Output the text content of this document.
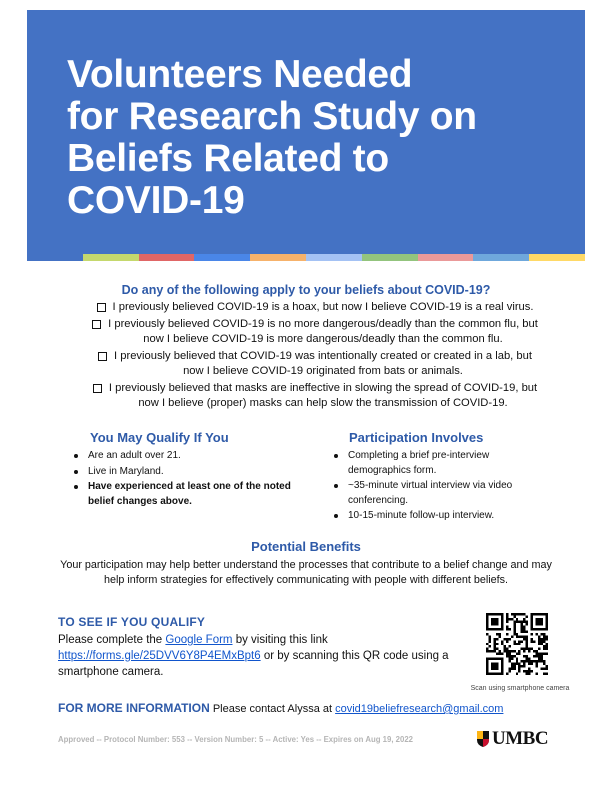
Volunteers Needed
for Research Study on
Beliefs Related to
COVID-19
Do any of the following apply to your beliefs about COVID-19?
I previously believed COVID-19 is a hoax, but now I believe COVID-19 is a real virus.
I previously believed COVID-19 is no more dangerous/deadly than the common flu, but
now I believe COVID-19 is more dangerous/deadly than the common flu.
I previously believed that COVID-19 was intentionally created or created in a lab, but
now I believe COVID-19 originated from bats or animals.
I previously believed that masks are ineffective in slowing the spread of COVID-19, but
now I believe (proper) masks can help slow the transmission of COVID-19.
You May Qualify If You
Are an adult over 21.
Live in Maryland.
Have experienced at least one of the noted belief changes above.
Participation Involves
Completing a brief pre-interview demographics form.
~35-minute virtual interview via video conferencing.
10-15-minute follow-up interview.
Potential Benefits
Your participation may help better understand the processes that contribute to a belief change and may help inform strategies for effectively communicating with people with different beliefs.
TO SEE IF YOU QUALIFY
Please complete the Google Form by visiting this link https://forms.gle/25DVV6Y8P4EMxBpt6 or by scanning this QR code using a smartphone camera.
Scan using smartphone camera
FOR MORE INFORMATION Please contact Alyssa at covid19beliefresearch@gmail.com
Approved -- Protocol Number: 553 -- Version Number: 5 -- Active: Yes -- Expires on Aug 19, 2022	UMBC
